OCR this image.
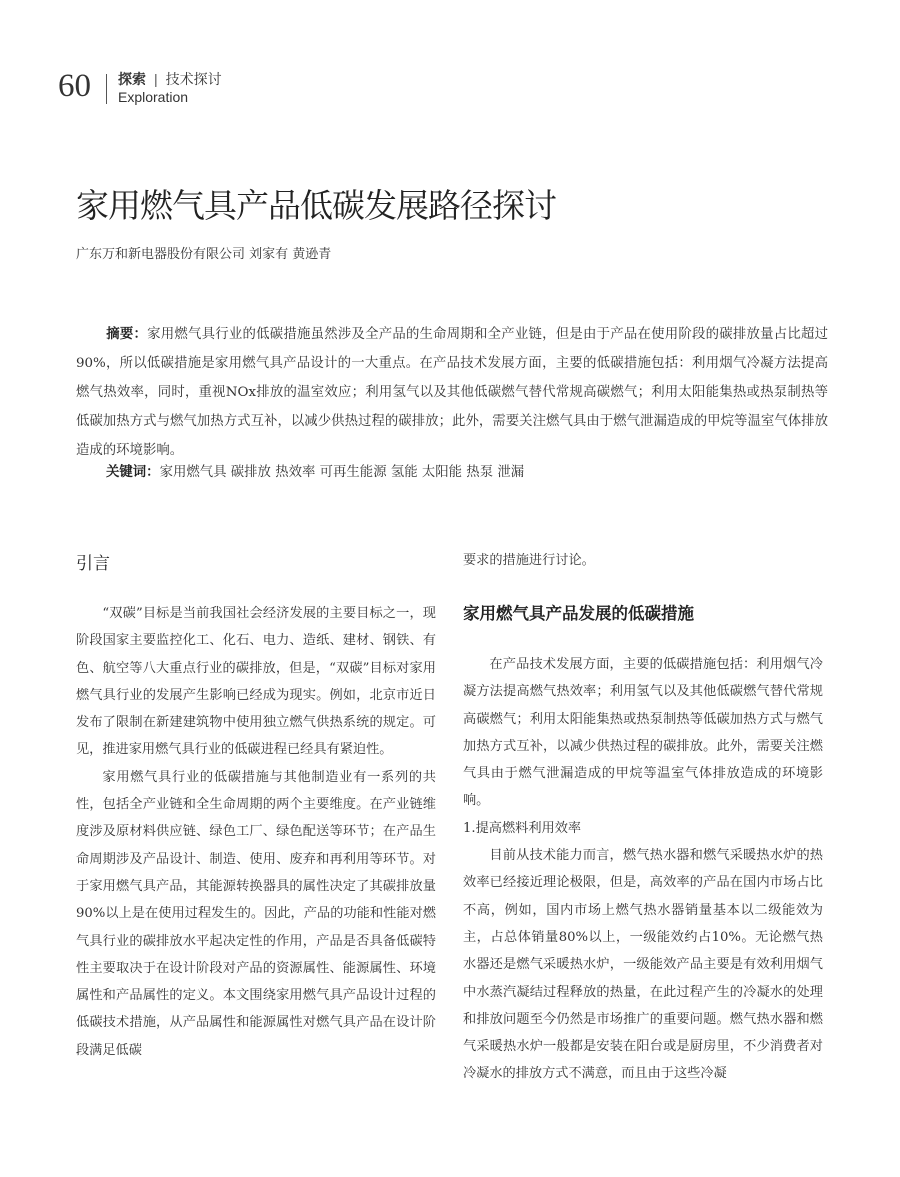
60 探索 | 技术探讨
Exploration
家用燃气具产品低碳发展路径探讨
广东万和新电器股份有限公司 刘家有 黄逊青
摘要：家用燃气具行业的低碳措施虽然涉及全产品的生命周期和全产业链，但是由于产品在使用阶段的碳排放量占比超过90%，所以低碳措施是家用燃气具产品设计的一大重点。在产品技术发展方面，主要的低碳措施包括：利用烟气冷凝方法提高燃气热效率，同时，重视NOx排放的温室效应；利用氢气以及其他低碳燃气替代常规高碳燃气；利用太阳能集热或热泵制热等低碳加热方式与燃气加热方式互补，以减少供热过程的碳排放；此外，需要关注燃气具由于燃气泄漏造成的甲烷等温室气体排放造成的环境影响。
关键词：家用燃气具 碳排放 热效率 可再生能源 氢能 太阳能 热泵 泄漏
引言

“双碳”目标是当前我国社会经济发展的主要目标之一，现阶段国家主要监控化工、化石、电力、造纸、建材、钢铁、有色、航空等八大重点行业的碳排放，但是，“双碳”目标对家用燃气具行业的发展产生影响已经成为现实。例如，北京市近日发布了限制在新建建筑物中使用独立燃气供热系统的规定。可见，推进家用燃气具行业的低碳进程已经具有紧迫性。

家用燃气具行业的低碳措施与其他制造业有一系列的共性，包括全产业链和全生命周期的两个主要维度。在产业链维度涉及原材料供应链、绿色工厂、绿色配送等环节；在产品生命周期涉及产品设计、制造、使用、废弃和再利用等环节。对于家用燃气具产品，其能源转换器具的属性决定了其碳排放量90%以上是在使用过程发生的。因此，产品的功能和性能对燃气具行业的碳排放水平起决定性的作用，产品是否具备低碳特性主要取决于在设计阶段对产品的资源属性、能源属性、环境属性和产品属性的定义。本文围绕家用燃气具产品设计过程的低碳技术措施，从产品属性和能源属性对燃气具产品在设计阶段满足低碳

要求的措施进行讨论。
家用燃气具产品发展的低碳措施

在产品技术发展方面，主要的低碳措施包括：利用烟气冷凝方法提高燃气热效率；利用氢气以及其他低碳燃气替代常规高碳燃气；利用太阳能集热或热泵制热等低碳加热方式与燃气加热方式互补，以减少供热过程的碳排放。此外，需要关注燃气具由于燃气泄漏造成的甲烷等温室气体排放造成的环境影响。

1.提高燃料利用效率

目前从技术能力而言，燃气热水器和燃气采暖热水炉的热效率已经接近理论极限，但是，高效率的产品在国内市场占比不高，例如，国内市场上燃气热水器销量基本以二级能效为主，占总体销量80%以上，一级能效约占10%。无论燃气热水器还是燃气采暖热水炉，一级能效产品主要是有效利用烟气中水蒸汽凝结过程释放的热量，在此过程产生的冷凝水的处理和排放问题至今仍然是市场推广的重要问题。燃气热水器和燃气采暖热水炉一般都是安装在阳台或是厨房里，不少消费者对冷凝水的排放方式不满意，而且由于这些冷凝
